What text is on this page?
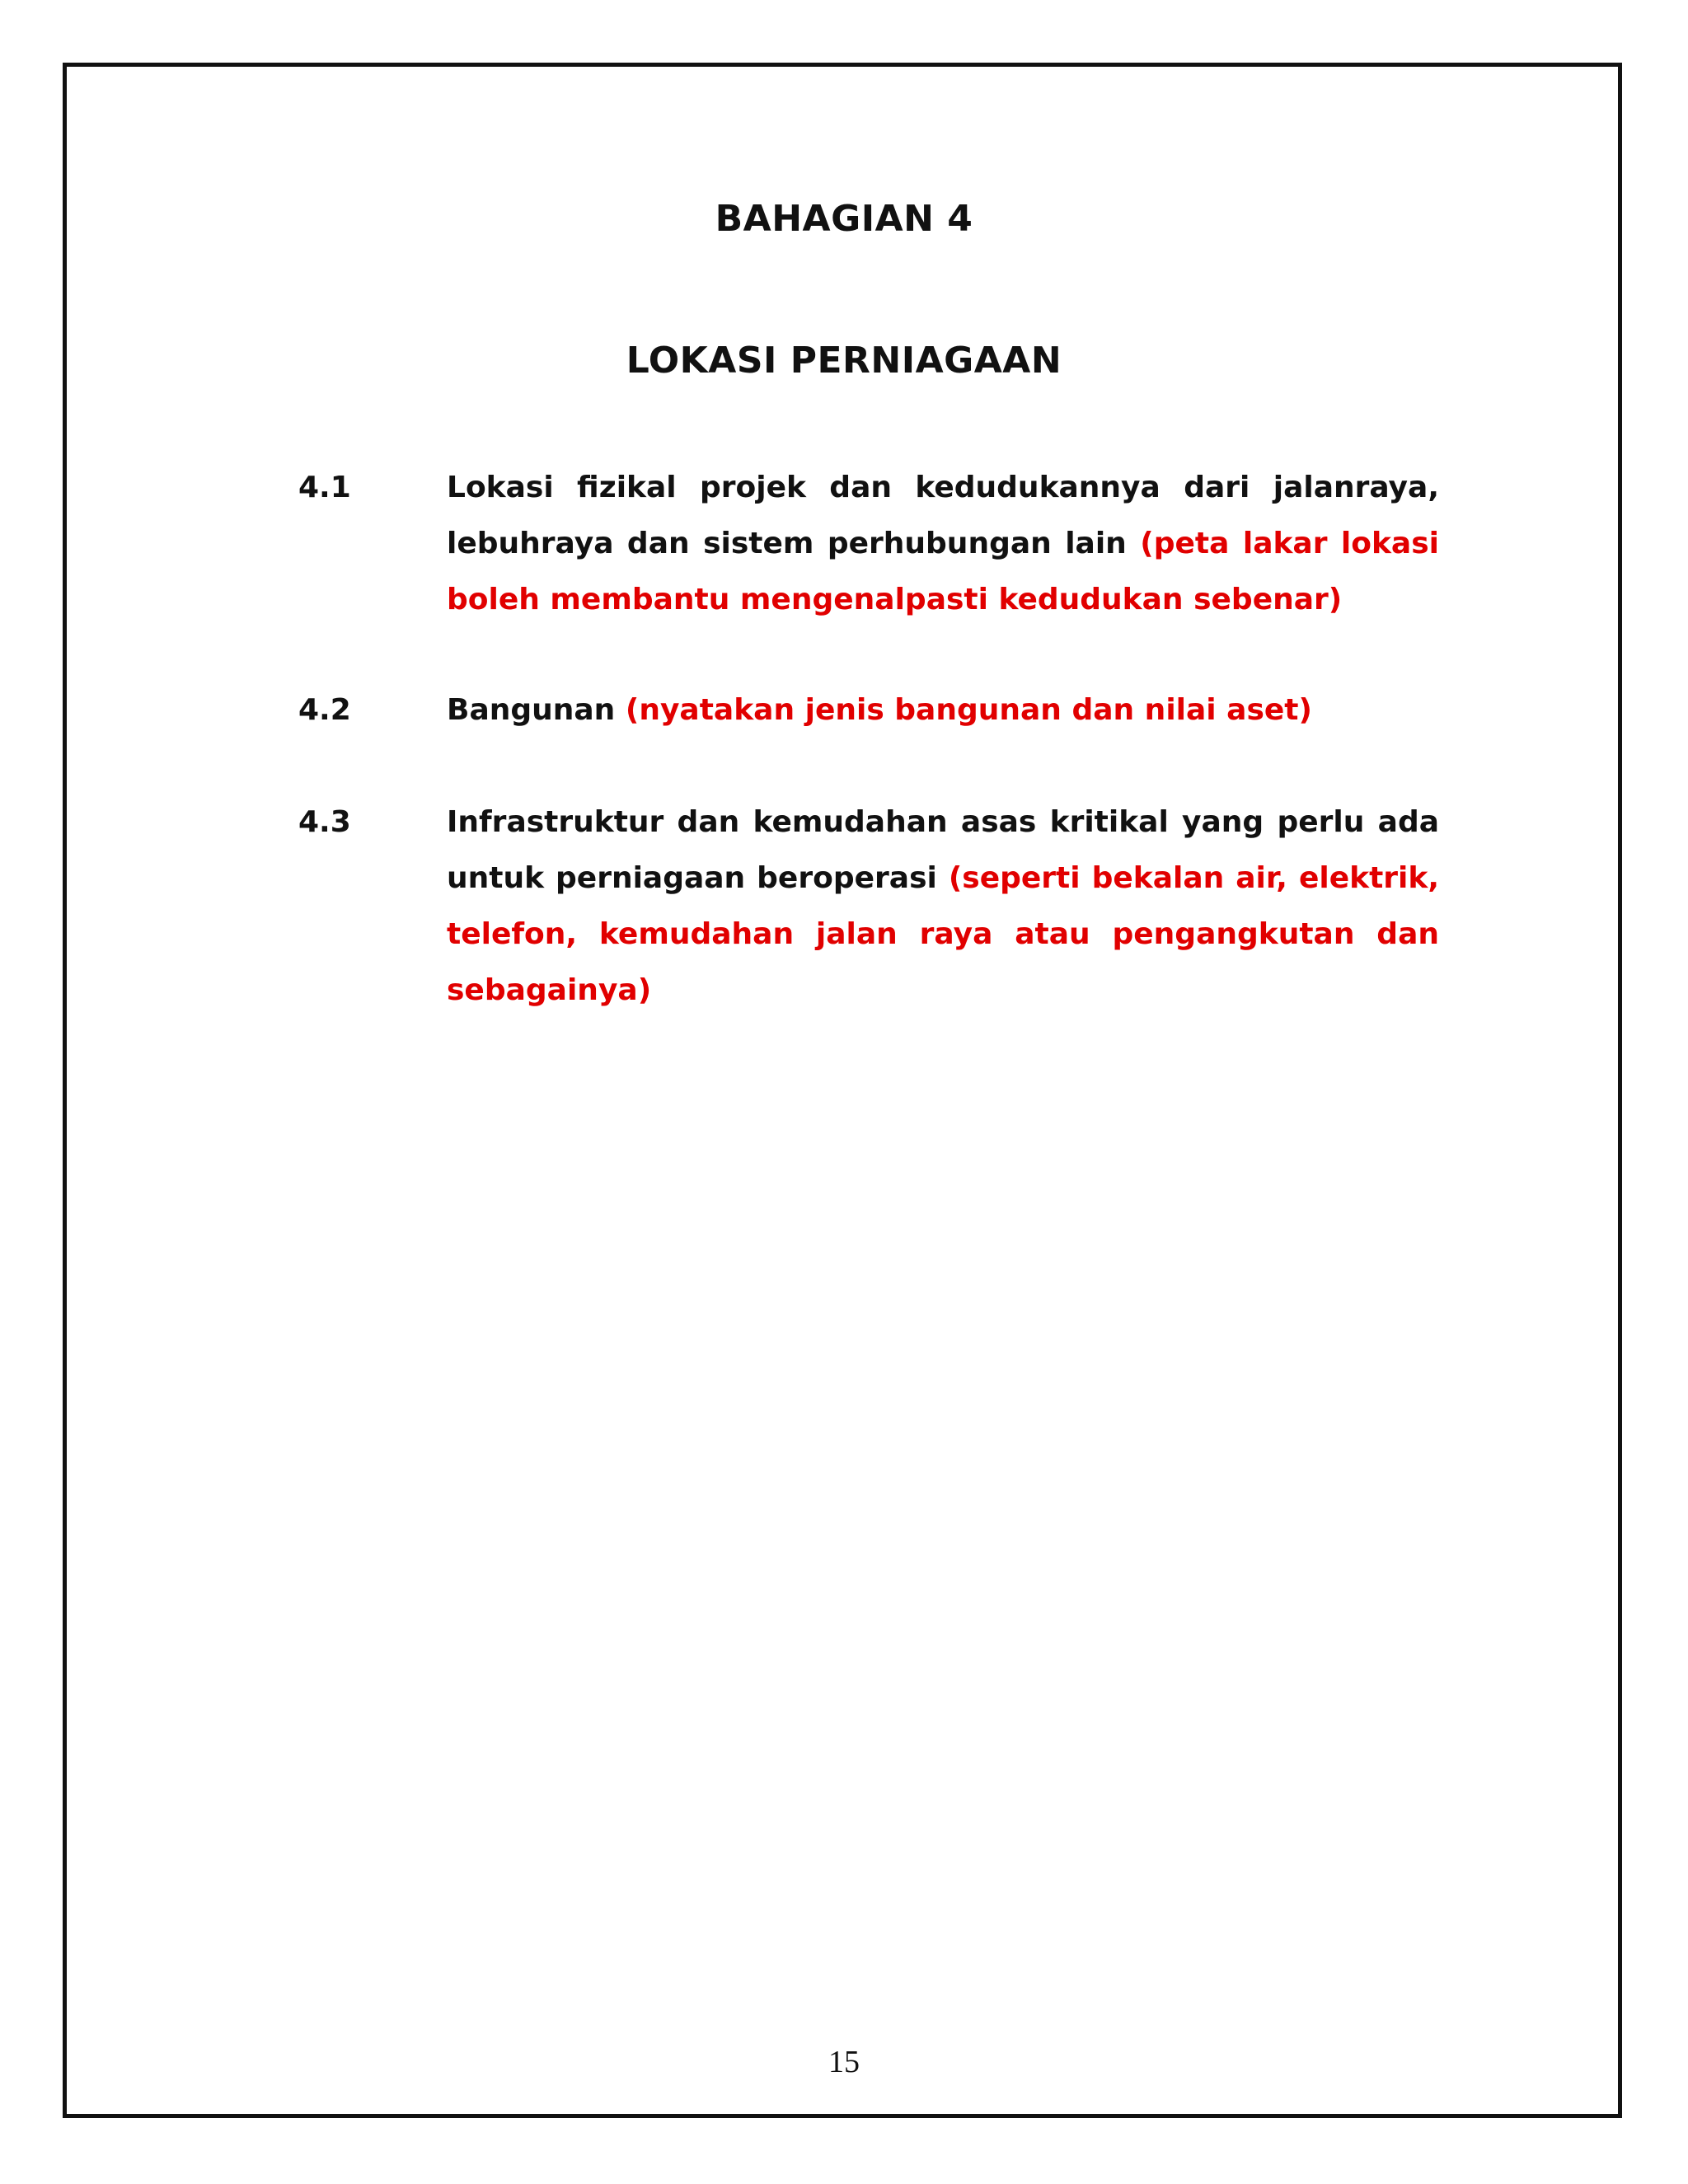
BAHAGIAN 4
LOKASI PERNIAGAAN
4.1	Lokasi fizikal projek dan kedudukannya dari jalanraya, lebuhraya dan sistem perhubungan lain (peta lakar lokasi boleh membantu mengenalpasti kedudukan sebenar)
4.2	Bangunan (nyatakan jenis bangunan dan nilai aset)
4.3	Infrastruktur dan kemudahan asas kritikal yang perlu ada untuk perniagaan beroperasi (seperti bekalan air, elektrik, telefon, kemudahan jalan raya atau pengangkutan dan sebagainya)
15
